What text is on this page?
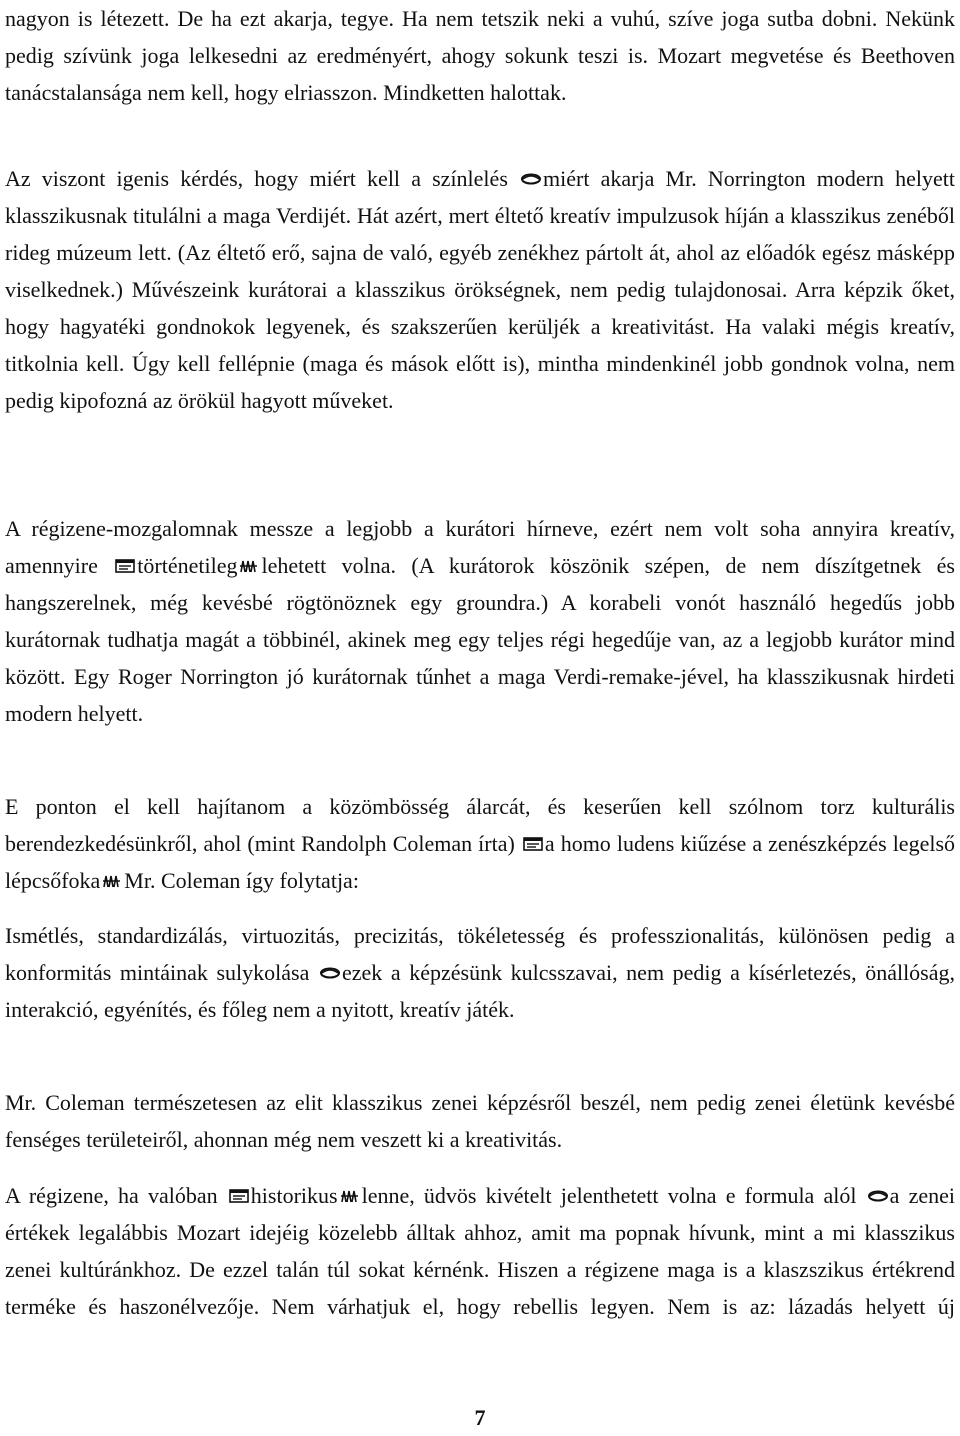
nagyon is létezett. De ha ezt akarja, tegye. Ha nem tetszik neki a vuhú, szíve joga sutba dobni. Nekünk pedig szívünk joga lelkesedni az eredményért, ahogy sokunk teszi is. Mozart megvetése és Beethoven tanácstalansága nem kell, hogy elriasszon. Mindketten halottak.

Az viszont igenis kérdés, hogy miért kell a színlelés
miért akarja Mr. Norrington modern helyett klasszikusnak titulálni a maga Verdijét. Hát azért, mert éltető kreatív impulzusok híján a klasszikus zenéből rideg múzeum lett. (Az éltető erő, sajna de való, egyéb zenékhez pártolt át, ahol az előadók egész másképp viselkednek.) Művészeink kurátorai a klasszikus örökségnek, nem pedig tulajdonosai. Arra képzik őket, hogy hagyatéki gondnokok legyenek, és szakszerűen kerüljék a kreativitást. Ha valaki mégis kreatív, titkolnia kell. Úgy kell fellépnie (maga és mások előtt is), mintha mindenkinél jobb gondnok volna, nem pedig kipofozná az örökül hagyott műveket.

A régizene-mozgalomnak messze a legjobb a kurátori hírneve, ezért nem volt soha annyira kreatív, amennyire
történetileg lehetett volna. (A kurátorok köszönik szépen, de nem díszítgetnek és hangszerelnek, még kevésbé rögtönöznek egy groundra.) A korabeli vonót használó hegedűs jobb kurátornak tudhatja magát a többinél, akinek meg egy teljes régi hegedűje van, az a legjobb kurátor mind között. Egy Roger Norrington jó kurátornak tűnhet a maga Verdi-remake-jével, ha klasszikusnak hirdeti modern helyett.

E ponton el kell hajítanom a közömbösség álarcát, és keserűen kell szólnom torz kulturális berendezkedésünkről, ahol (mint Randolph Coleman írta)
a homo ludens kiűzése a zenészképzés legelső lépcsőfoka Mr. Coleman így folytatja:

Ismétlés, standardizálás, virtuozitás, precizitás, tökéletesség és professzionalitás, különösen pedig a konformitás mintáinak sulykolása
ezek a képzésünk kulcsszavai, nem pedig a kísérletezés, önállóság, interakció, egyénítés, és főleg nem a nyitott, kreatív játék.

Mr. Coleman természetesen az elit klasszikus zenei képzésről beszél, nem pedig zenei életünk kevésbé fenséges területeiről, ahonnan még nem veszett ki a kreativitás.

A régizene, ha valóban
historikus lenne, üdvös kivételt jelenthetett volna e formula alól
a zenei értékek legalábbis Mozart idejéig közelebb álltak ahhoz, amit ma popnak hívunk, mint a mi klasszikus zenei kultúránkhoz. De ezzel talán túl sokat kérnénk. Hiszen a régizene maga is a klaszszikus értékrend terméke és haszonélvezője. Nem várhatjuk el, hogy rebellis legyen. Nem is az: lázadás helyett új

7
